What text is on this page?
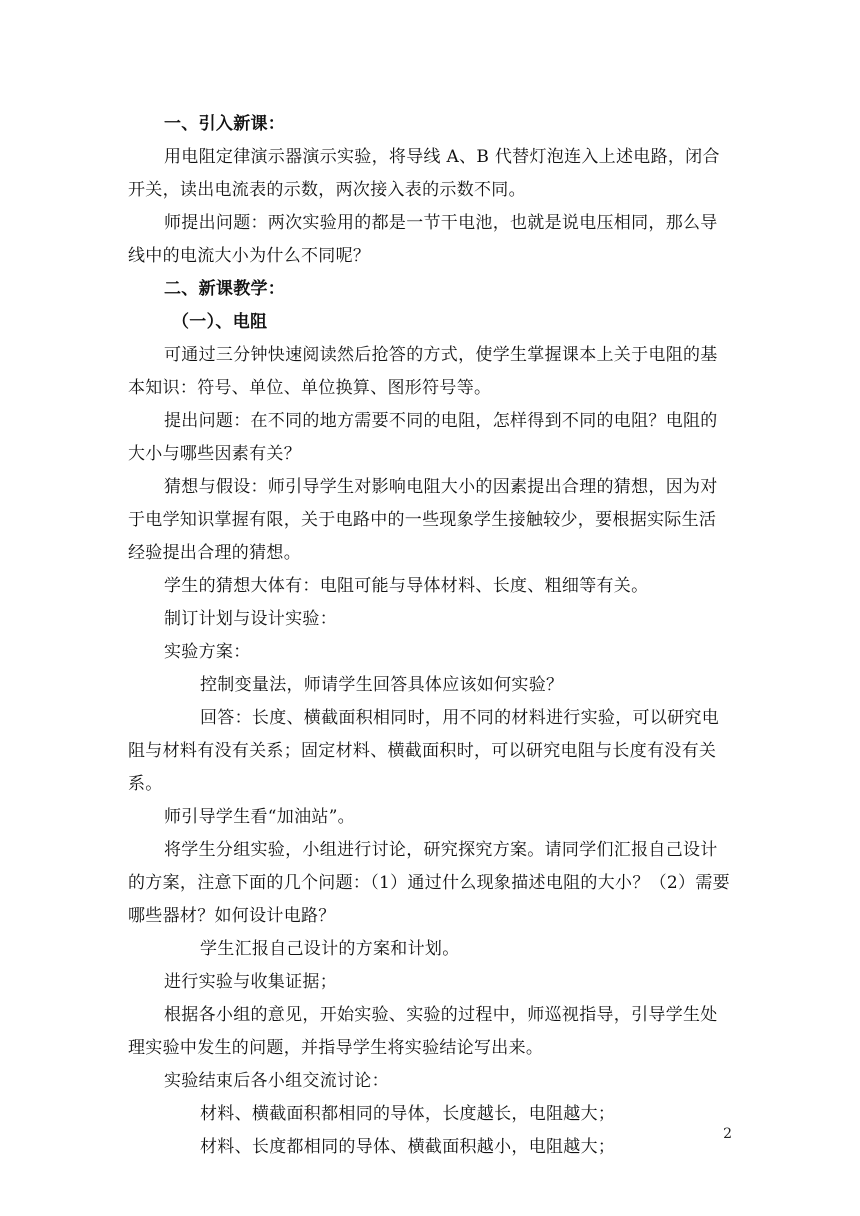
一、引入新课：

用电阻定律演示器演示实验，将导线 A、B 代替灯泡连入上述电路，闭合开关，读出电流表的示数，两次接入表的示数不同。

师提出问题：两次实验用的都是一节干电池，也就是说电压相同，那么导线中的电流大小为什么不同呢？

二、新课教学：

（一）、电阻

可通过三分钟快速阅读然后抢答的方式，使学生掌握课本上关于电阻的基本知识：符号、单位、单位换算、图形符号等。

提出问题：在不同的地方需要不同的电阻，怎样得到不同的电阻？电阻的大小与哪些因素有关？

猜想与假设：师引导学生对影响电阻大小的因素提出合理的猜想，因为对于电学知识掌握有限，关于电路中的一些现象学生接触较少，要根据实际生活经验提出合理的猜想。

学生的猜想大体有：电阻可能与导体材料、长度、粗细等有关。

制订计划与设计实验：

实验方案：

控制变量法，师请学生回答具体应该如何实验？

回答：长度、横截面积相同时，用不同的材料进行实验，可以研究电阻与材料有没有关系；固定材料、横截面积时，可以研究电阻与长度有没有关系。

师引导学生看“加油站”。

将学生分组实验，小组进行讨论，研究探究方案。请同学们汇报自己设计的方案，注意下面的几个问题：（1）通过什么现象描述电阻的大小？（2）需要哪些器材？如何设计电路？

学生汇报自己设计的方案和计划。

进行实验与收集证据；

根据各小组的意见，开始实验、实验的过程中，师巡视指导，引导学生处理实验中发生的问题，并指导学生将实验结论写出来。

实验结束后各小组交流讨论：

材料、横截面积都相同的导体，长度越长，电阻越大；

材料、长度都相同的导体、横截面积越小，电阻越大；

2
